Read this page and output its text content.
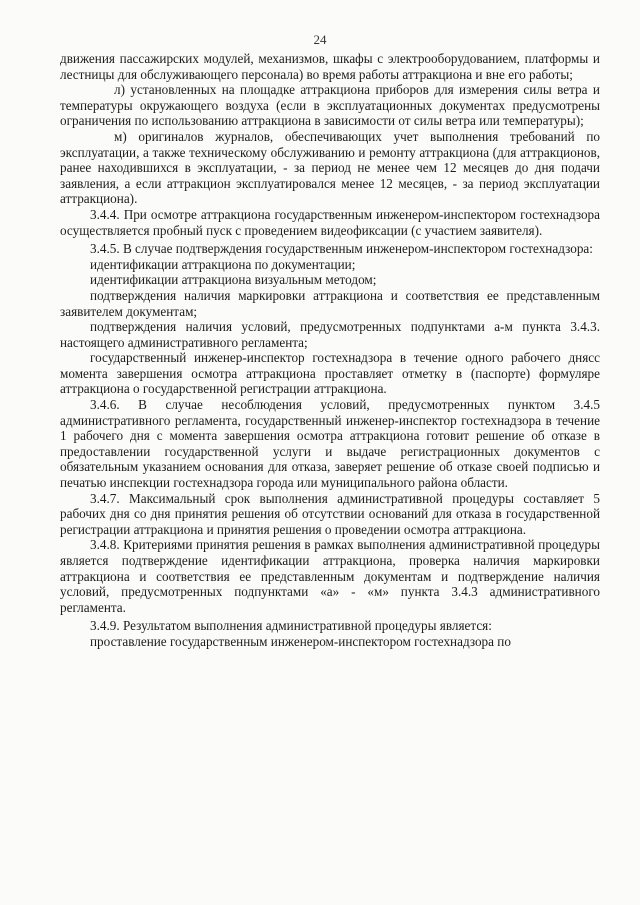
24

движения пассажирских модулей, механизмов, шкафы с электрооборудованием, платформы и лестницы для обслуживающего персонала) во время работы аттракциона и вне его работы;

л) установленных на площадке аттракциона приборов для измерения силы ветра и температуры окружающего воздуха (если в эксплуатационных документах предусмотрены ограничения по использованию аттракциона в зависимости от силы ветра или температуры);

м) оригиналов журналов, обеспечивающих учет выполнения требований по эксплуатации, а также техническому обслуживанию и ремонту аттракциона (для аттракционов, ранее находившихся в эксплуатации, - за период не менее чем 12 месяцев до дня подачи заявления, а если аттракцион эксплуатировался менее 12 месяцев, - за период эксплуатации аттракциона).

3.4.4. При осмотре аттракциона государственным инженером-инспектором гостехнадзора осуществляется пробный пуск с проведением видеофиксации (с участием заявителя).

3.4.5. В случае подтверждения государственным инженером-инспектором гостехнадзора:

идентификации аттракциона по документации;

идентификации аттракциона визуальным методом;

подтверждения наличия маркировки аттракциона и соответствия ее представленным заявителем документам;

подтверждения наличия условий, предусмотренных подпунктами а-м пункта 3.4.3. настоящего административного регламента;

государственный инженер-инспектор гостехнадзора в течение одного рабочего днясс момента завершения осмотра аттракциона проставляет отметку в (паспорте) формуляре аттракциона о государственной регистрации аттракциона.

3.4.6. В случае несоблюдения условий, предусмотренных пунктом 3.4.5 административного регламента, государственный инженер-инспектор гостехнадзора в течение 1 рабочего дня с момента завершения осмотра аттракциона готовит решение об отказе в предоставлении государственной услуги и выдаче регистрационных документов с обязательным указанием основания для отказа, заверяет решение об отказе своей подписью и печатью инспекции гостехнадзора города или муниципального района области.

3.4.7. Максимальный срок выполнения административной процедуры составляет 5 рабочих дня со дня принятия решения об отсутствии оснований для отказа в государственной регистрации аттракциона и принятия решения о проведении осмотра аттракциона.

3.4.8. Критериями принятия решения в рамках выполнения административной процедуры является подтверждение идентификации аттракциона, проверка наличия маркировки аттракциона и соответствия ее представленным документам и подтверждение наличия условий, предусмотренных подпунктами «а» - «м» пункта 3.4.3 административного регламента.

3.4.9. Результатом выполнения административной процедуры является:

проставление государственным инженером-инспектором гостехнадзора по
